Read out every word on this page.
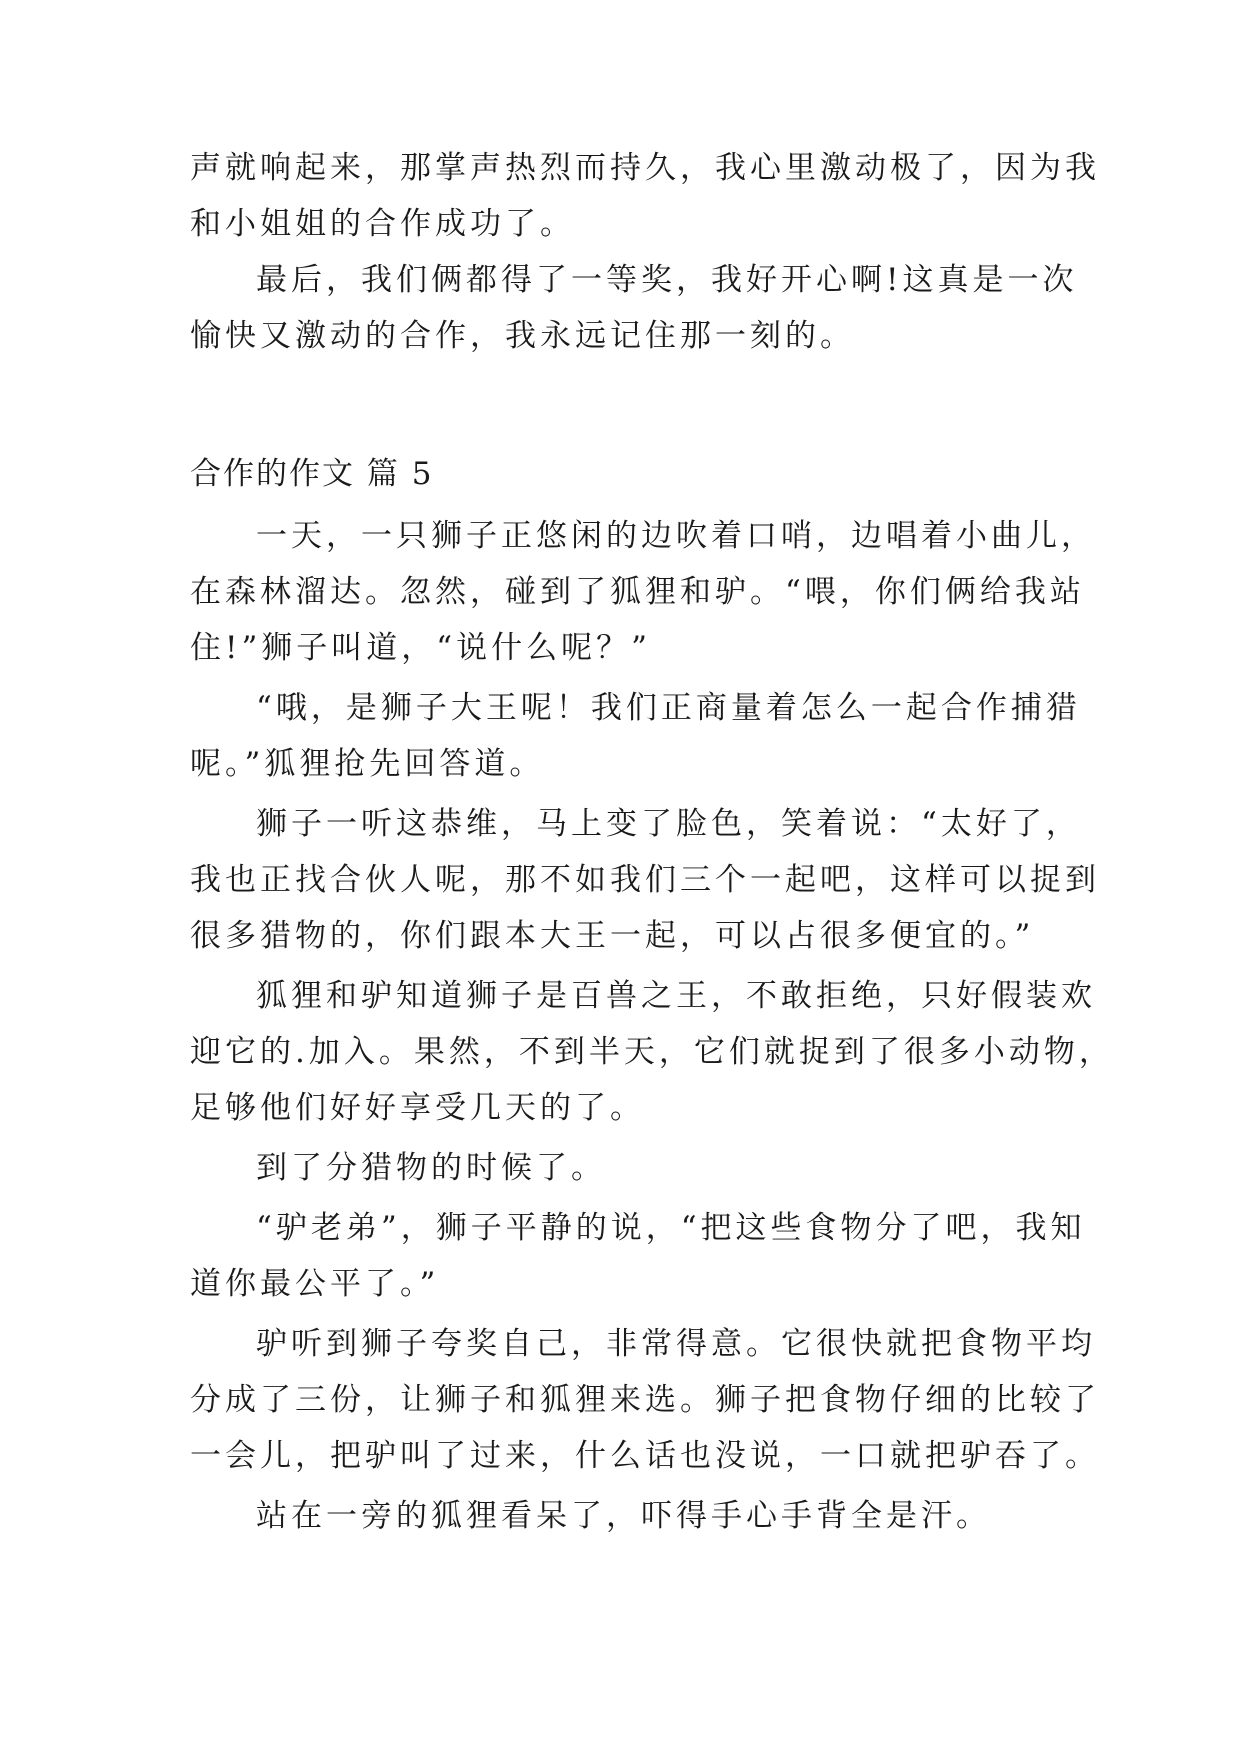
声就响起来，那掌声热烈而持久，我心里激动极了，因为我

和小姐姐的合作成功了。

最后，我们俩都得了一等奖，我好开心啊!这真是一次

愉快又激动的合作，我永远记住那一刻的。

合作的作文 篇 5

一天，一只狮子正悠闲的边吹着口哨，边唱着小曲儿，

在森林溜达。忽然，碰到了狐狸和驴。“喂，你们俩给我站

住!”狮子叫道，“说什么呢？”

“哦，是狮子大王呢！我们正商量着怎么一起合作捕猎

呢。”狐狸抢先回答道。

狮子一听这恭维，马上变了脸色，笑着说：“太好了，

我也正找合伙人呢，那不如我们三个一起吧，这样可以捉到

很多猎物的，你们跟本大王一起，可以占很多便宜的。”

狐狸和驴知道狮子是百兽之王，不敢拒绝，只好假装欢

迎它的.加入。果然，不到半天，它们就捉到了很多小动物，

足够他们好好享受几天的了。

到了分猎物的时候了。

“驴老弟”，狮子平静的说，“把这些食物分了吧，我知

道你最公平了。”

驴听到狮子夸奖自己，非常得意。它很快就把食物平均

分成了三份，让狮子和狐狸来选。狮子把食物仔细的比较了

一会儿，把驴叫了过来，什么话也没说，一口就把驴吞了。

站在一旁的狐狸看呆了，吓得手心手背全是汗。
